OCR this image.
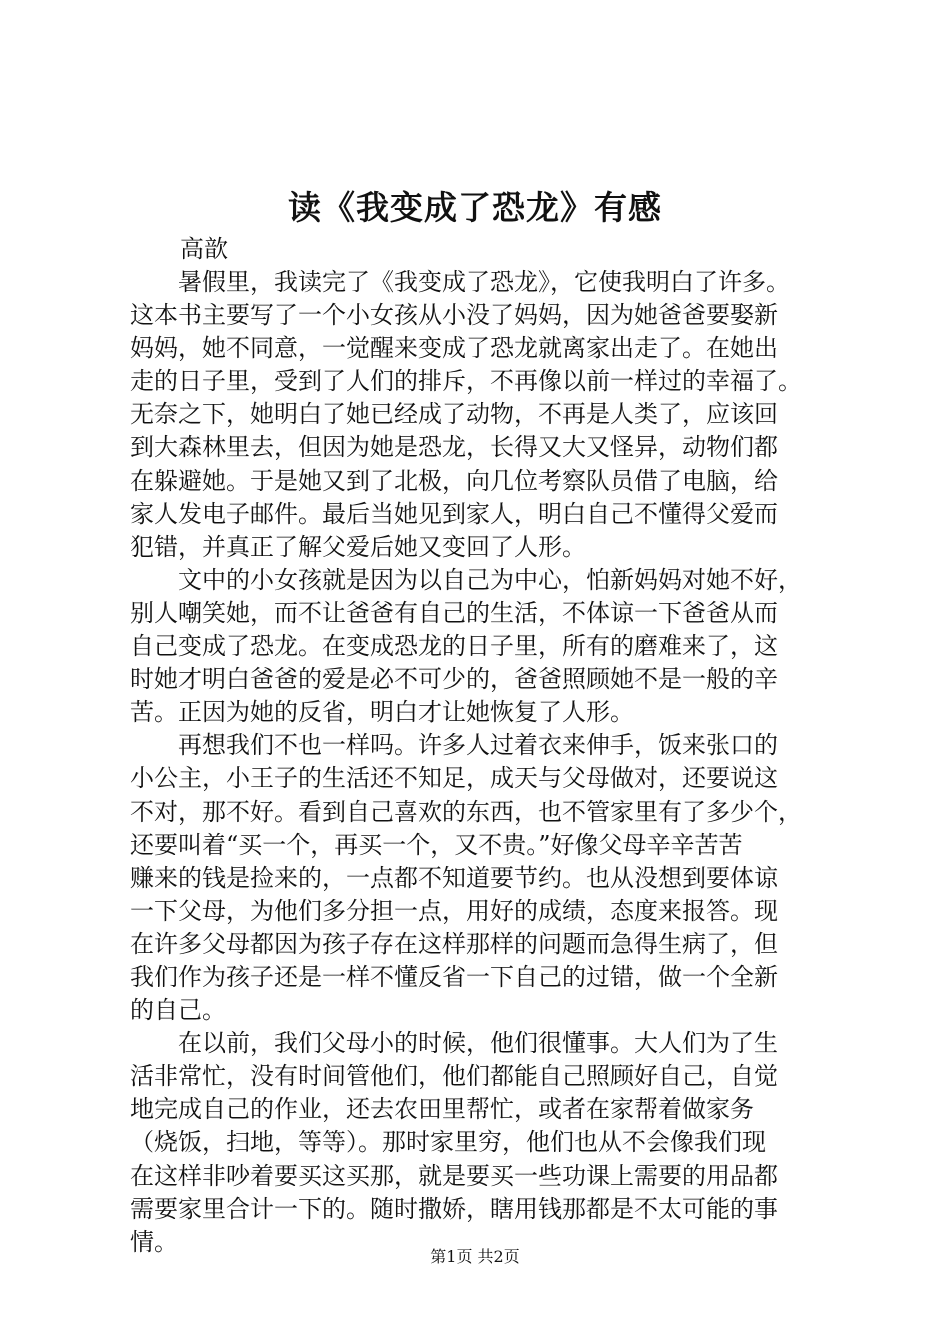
读《我变成了恐龙》有感
高歆
　　暑假里，我读完了《我变成了恐龙》，它使我明白了许多。
这本书主要写了一个小女孩从小没了妈妈，因为她爸爸要娶新
妈妈，她不同意，一觉醒来变成了恐龙就离家出走了。在她出
走的日子里，受到了人们的排斥，不再像以前一样过的幸福了。
无奈之下，她明白了她已经成了动物，不再是人类了，应该回
到大森林里去，但因为她是恐龙，长得又大又怪异，动物们都
在躲避她。于是她又到了北极，向几位考察队员借了电脑，给
家人发电子邮件。最后当她见到家人，明白自己不懂得父爱而
犯错，并真正了解父爱后她又变回了人形。
　　文中的小女孩就是因为以自己为中心，怕新妈妈对她不好，
别人嘲笑她，而不让爸爸有自己的生活，不体谅一下爸爸从而
自己变成了恐龙。在变成恐龙的日子里，所有的磨难来了，这
时她才明白爸爸的爱是必不可少的，爸爸照顾她不是一般的辛
苦。正因为她的反省，明白才让她恢复了人形。
　　再想我们不也一样吗。许多人过着衣来伸手，饭来张口的
小公主，小王子的生活还不知足，成天与父母做对，还要说这
不对，那不好。看到自己喜欢的东西，也不管家里有了多少个，
还要叫着“买一个，再买一个，又不贵。”好像父母辛辛苦苦
赚来的钱是捡来的，一点都不知道要节约。也从没想到要体谅
一下父母，为他们多分担一点，用好的成绩，态度来报答。现
在许多父母都因为孩子存在这样那样的问题而急得生病了，但
我们作为孩子还是一样不懂反省一下自己的过错，做一个全新
的自己。
　　在以前，我们父母小的时候，他们很懂事。大人们为了生
活非常忙，没有时间管他们，他们都能自己照顾好自己，自觉
地完成自己的作业，还去农田里帮忙，或者在家帮着做家务
（烧饭，扫地，等等）。那时家里穷，他们也从不会像我们现
在这样非吵着要买这买那，就是要买一些功课上需要的用品都
需要家里合计一下的。随时撒娇，瞎用钱那都是不太可能的事
情。
第1页 共2页
